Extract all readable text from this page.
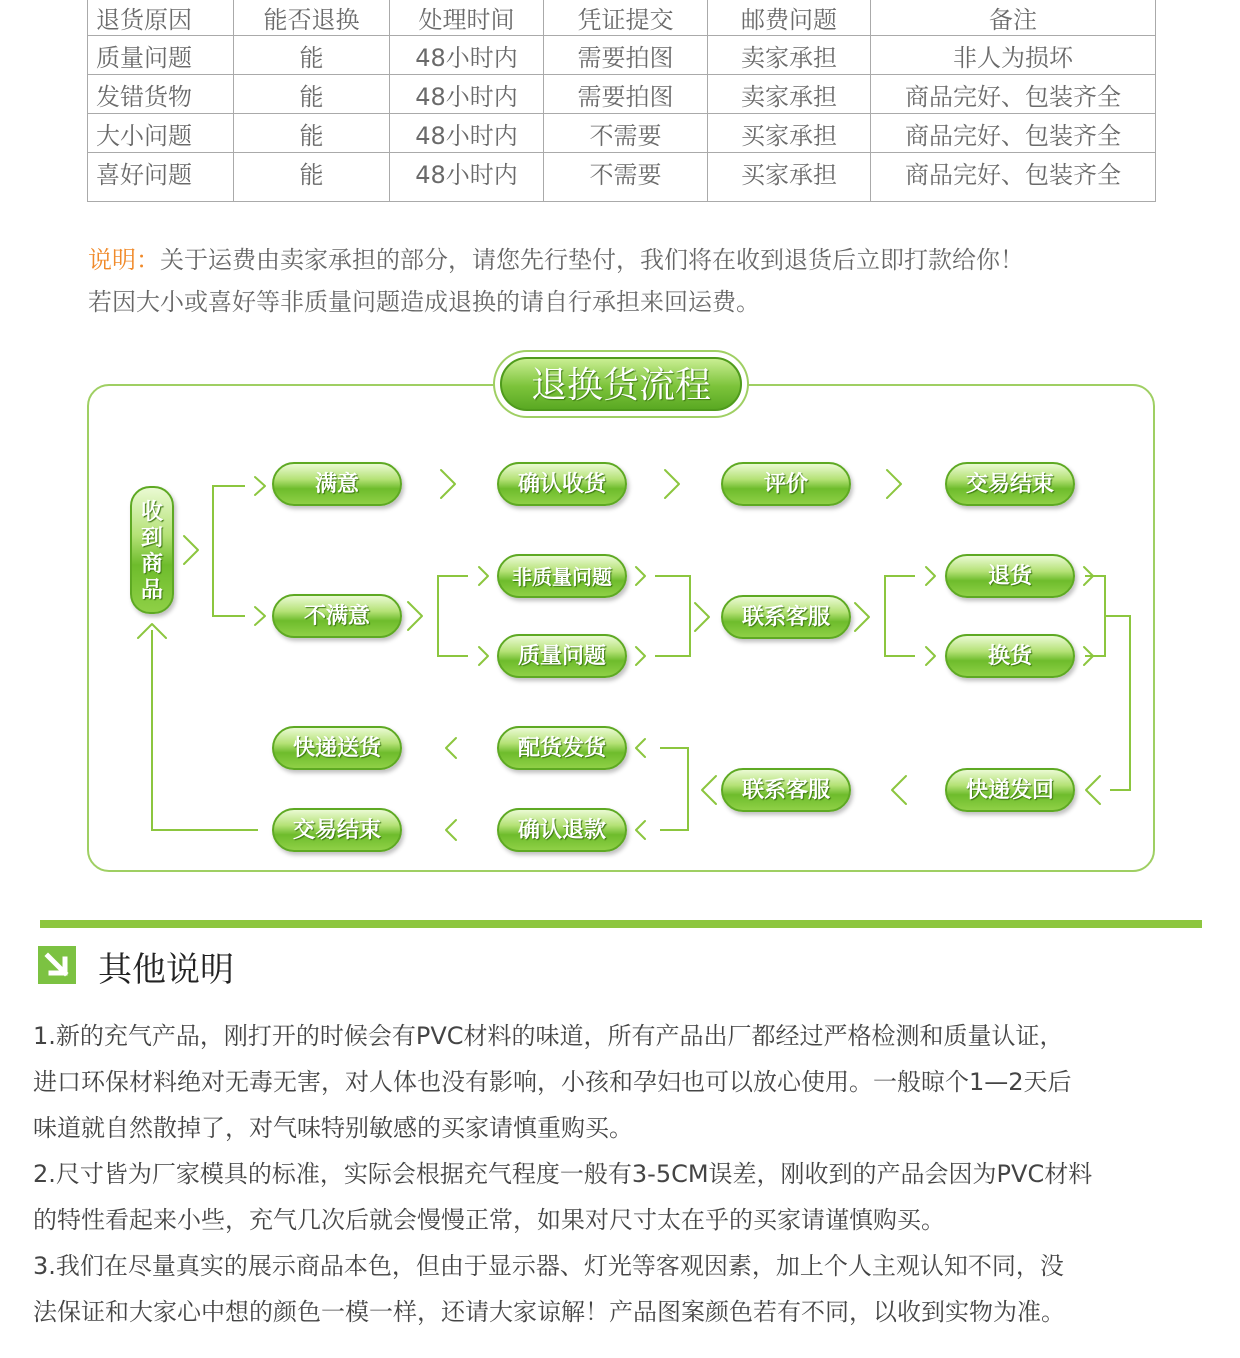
退货原因	能否退换	处理时间	凭证提交	邮费问题	备注
质量问题	能	48小时内	需要拍图	卖家承担	非人为损坏
发错货物	能	48小时内	需要拍图	卖家承担	商品完好、包装齐全
大小问题	能	48小时内	不需要	买家承担	商品完好、包装齐全
喜好问题	能	48小时内	不需要	买家承担	商品完好、包装齐全
说明：关于运费由卖家承担的部分，请您先行垫付，我们将在收到退货后立即打款给你！
若因大小或喜好等非质量问题造成退换的请自行承担来回运费。
退换货流程
收到商品
满意	确认收货	评价	交易结束
不满意
非质量问题
质量问题
联系客服
退货
换货
快递发回
联系客服
配货发货
确认退款
快递送货
交易结束
其他说明
1.新的充气产品，刚打开的时候会有PVC材料的味道，所有产品出厂都经过严格检测和质量认证，
进口环保材料绝对无毒无害，对人体也没有影响，小孩和孕妇也可以放心使用。一般晾个1—2天后
味道就自然散掉了，对气味特别敏感的买家请慎重购买。
2.尺寸皆为厂家模具的标准，实际会根据充气程度一般有3-5CM误差，刚收到的产品会因为PVC材料
的特性看起来小些，充气几次后就会慢慢正常，如果对尺寸太在乎的买家请谨慎购买。
3.我们在尽量真实的展示商品本色，但由于显示器、灯光等客观因素，加上个人主观认知不同，没
法保证和大家心中想的颜色一模一样，还请大家谅解！产品图案颜色若有不同，以收到实物为准。
